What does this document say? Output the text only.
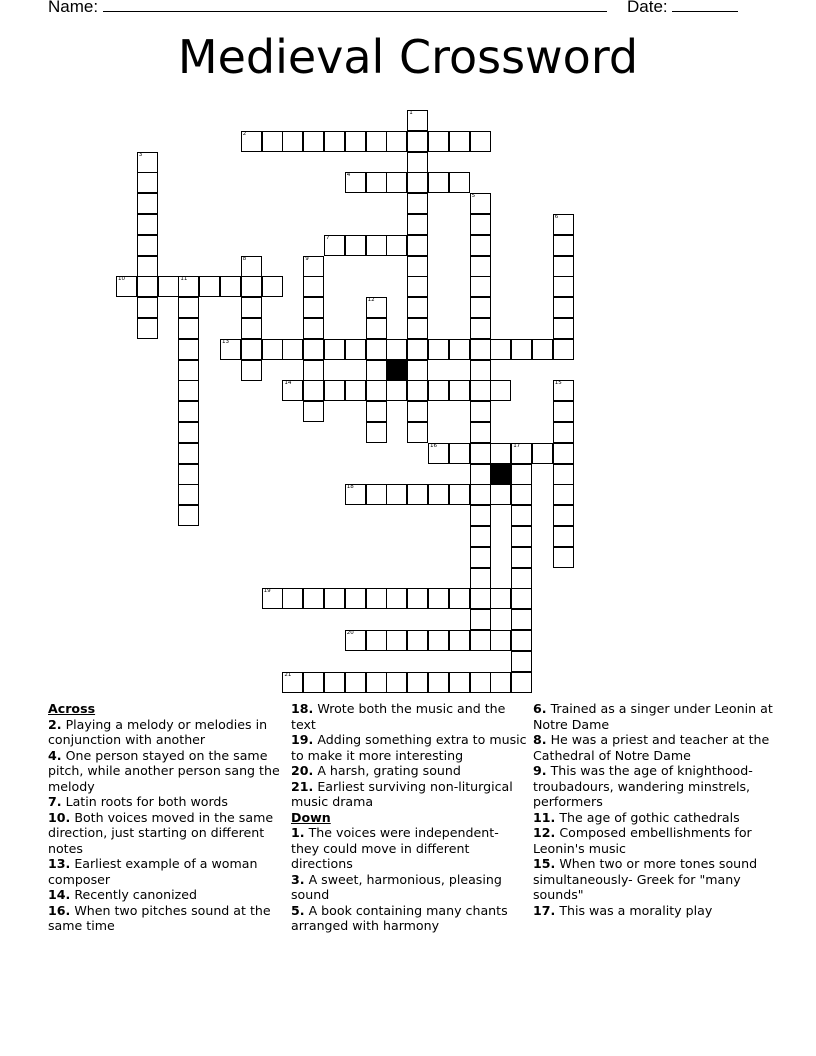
Name:	Date:
Medieval Crossword
1
3
5
6
8	9
11
12
15
17
2
4
7
10
13
14
16
18
19
20
21
Across
2. Playing a melody or melodies in conjunction with another
4. One person stayed on the same pitch, while another person sang the melody
7. Latin roots for both words
10. Both voices moved in the same direction, just starting on different notes
13. Earliest example of a woman composer
14. Recently canonized
16. When two pitches sound at the same time
18. Wrote both the music and the text
19. Adding something extra to music to make it more interesting
20. A harsh, grating sound
21. Earliest surviving non-liturgical music drama
Down
1. The voices were independent- they could move in different directions
3. A sweet, harmonious, pleasing sound
5. A book containing many chants arranged with harmony
6. Trained as a singer under Leonin at Notre Dame
8. He was a priest and teacher at the Cathedral of Notre Dame
9. This was the age of knighthood- troubadours, wandering minstrels, performers
11. The age of gothic cathedrals
12. Composed embellishments for Leonin's music
15. When two or more tones sound simultaneously- Greek for "many sounds"
17. This was a morality play
